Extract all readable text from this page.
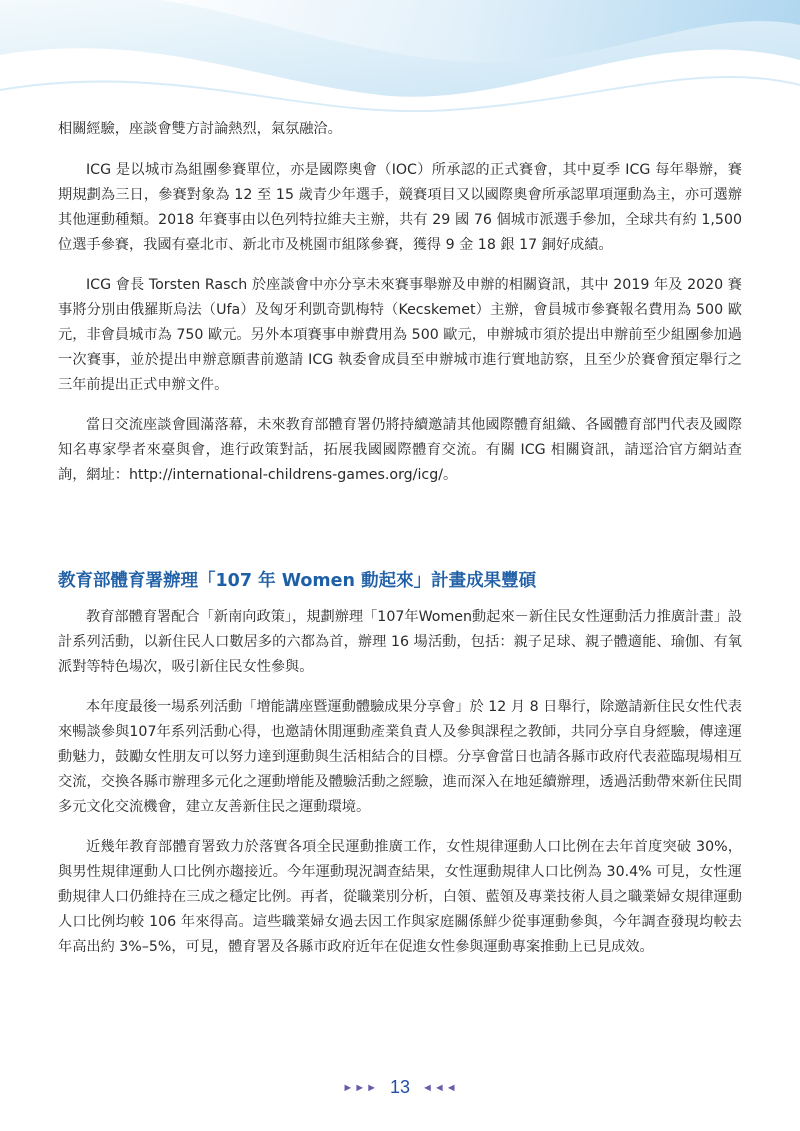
相關經驗，座談會雙方討論熱烈，氣氛融洽。

ICG 是以城市為組團參賽單位，亦是國際奧會（IOC）所承認的正式賽會，其中夏季 ICG 每年舉辦，賽期規劃為三日，參賽對象為 12 至 15 歲青少年選手，競賽項目又以國際奧會所承認單項運動為主，亦可選辦其他運動種類。2018 年賽事由以色列特拉維夫主辦，共有 29 國 76 個城市派選手參加，全球共有約 1,500 位選手參賽，我國有臺北市、新北市及桃園市組隊參賽，獲得 9 金 18 銀 17 銅好成績。

ICG 會長 Torsten Rasch 於座談會中亦分享未來賽事舉辦及申辦的相關資訊，其中 2019 年及 2020 賽事將分別由俄羅斯烏法（Ufa）及匈牙利凱奇凱梅特（Kecskemet）主辦，會員城市參賽報名費用為 500 歐元，非會員城市為 750 歐元。另外本項賽事申辦費用為 500 歐元，申辦城市須於提出申辦前至少組團參加過一次賽事，並於提出申辦意願書前邀請 ICG 執委會成員至申辦城市進行實地訪察，且至少於賽會預定舉行之三年前提出正式申辦文件。

當日交流座談會圓滿落幕，未來教育部體育署仍將持續邀請其他國際體育組織、各國體育部門代表及國際知名專家學者來臺與會，進行政策對話，拓展我國國際體育交流。有關 ICG 相關資訊，請逕洽官方網站查詢，網址：http://international-childrens-games.org/icg/。

教育部體育署辦理「107 年 Women 動起來」計畫成果豐碩

教育部體育署配合「新南向政策」，規劃辦理「107年Women動起來－新住民女性運動活力推廣計畫」設計系列活動，以新住民人口數居多的六都為首，辦理 16 場活動，包括：親子足球、親子體適能、瑜伽、有氧派對等特色場次，吸引新住民女性參與。

本年度最後一場系列活動「增能講座暨運動體驗成果分享會」於 12 月 8 日舉行，除邀請新住民女性代表來暢談參與107年系列活動心得，也邀請休閒運動產業負責人及參與課程之教師，共同分享自身經驗，傳達運動魅力，鼓勵女性朋友可以努力達到運動與生活相結合的目標。分享會當日也請各縣市政府代表蒞臨現場相互交流，交換各縣市辦理多元化之運動增能及體驗活動之經驗，進而深入在地延續辦理，透過活動帶來新住民間多元文化交流機會，建立友善新住民之運動環境。

近幾年教育部體育署致力於落實各項全民運動推廣工作，女性規律運動人口比例在去年首度突破 30%，與男性規律運動人口比例亦趨接近。今年運動現況調查結果，女性運動規律人口比例為 30.4% 可見，女性運動規律人口仍維持在三成之穩定比例。再者，從職業別分析，白領、藍領及專業技術人員之職業婦女規律運動人口比例均較 106 年來得高。這些職業婦女過去因工作與家庭關係鮮少從事運動參與，今年調查發現均較去年高出約 3%–5%，可見，體育署及各縣市政府近年在促進女性參與運動專案推動上已見成效。

►►► 13 ◄◄◄
